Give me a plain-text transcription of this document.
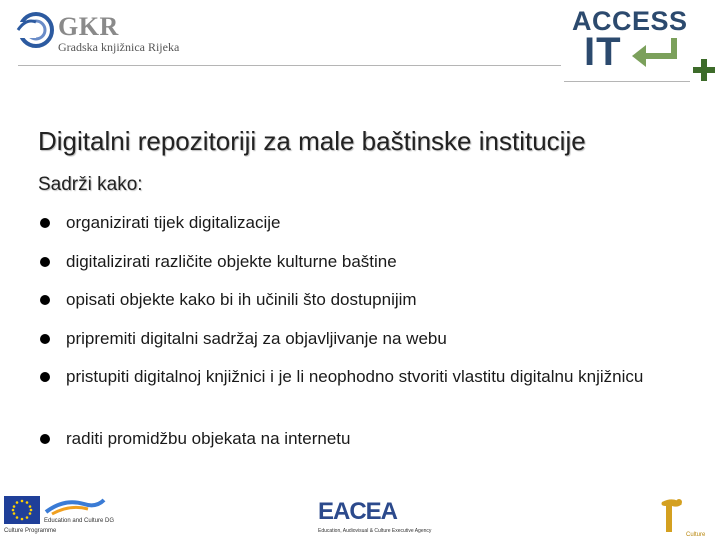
GKR
Gradska knjižnica Rijeka
ACCESS
IT
Digitalni repozitoriji za male baštinske institucije
Sadrži kako:
organizirati tijek digitalizacije
digitalizirati različite objekte kulturne baštine
opisati objekte kako bi ih učinili što dostupnijim
pripremiti digitalni sadržaj za objavljivanje na webu
pristupiti digitalnoj knjižnici i je li neophodno stvoriti vlastitu digitalnu knjižnicu
raditi promidžbu objekata na internetu
Culture Programme
Education and Culture DG	EACEA
Education, Audiovisual & Culture Executive Agency
Culture
